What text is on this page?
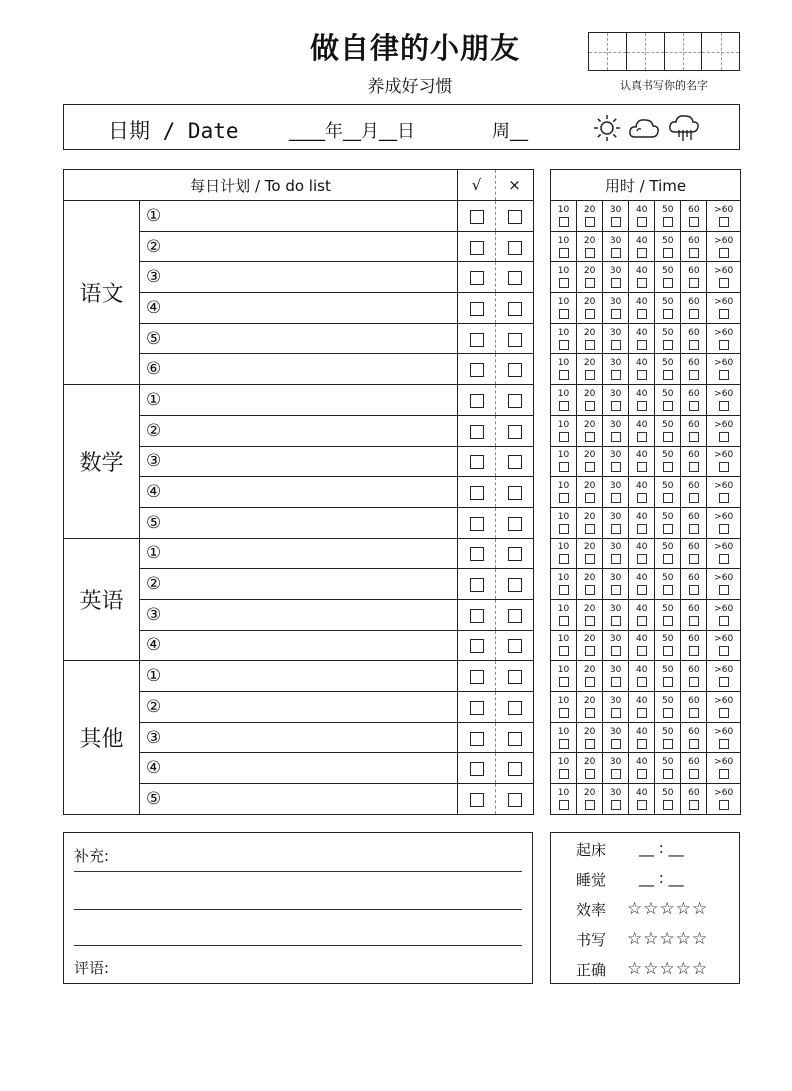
做自律的小朋友
养成好习惯	认真书写你的名字
日期 / Date	____年__月__日	周__
每日计划 / To do list		√	×
语文	①		
	②		
	③		
	④		
	⑤		
	⑥		
数学	①		
	②		
	③		
	④		
	⑤		
英语	①		
	②		
	③		
	④		
其他	①		
	②		
	③		
	④		
	⑤		
用时 / Time

10 20 30 40 50 60 >60

10 20 30 40 50 60 >60

10 20 30 40 50 60 >60

10 20 30 40 50 60 >60

10 20 30 40 50 60 >60

10 20 30 40 50 60 >60

10 20 30 40 50 60 >60

10 20 30 40 50 60 >60

10 20 30 40 50 60 >60

10 20 30 40 50 60 >60

10 20 30 40 50 60 >60

10 20 30 40 50 60 >60

10 20 30 40 50 60 >60

10 20 30 40 50 60 >60

10 20 30 40 50 60 >60

10 20 30 40 50 60 >60

10 20 30 40 50 60 >60

10 20 30 40 50 60 >60

10 20 30 40 50 60 >60

10 20 30 40 50 60 >60
补充:
评语:
起床	__ : __
睡觉	__ : __
效率	☆☆☆☆☆
书写	☆☆☆☆☆
正确	☆☆☆☆☆
